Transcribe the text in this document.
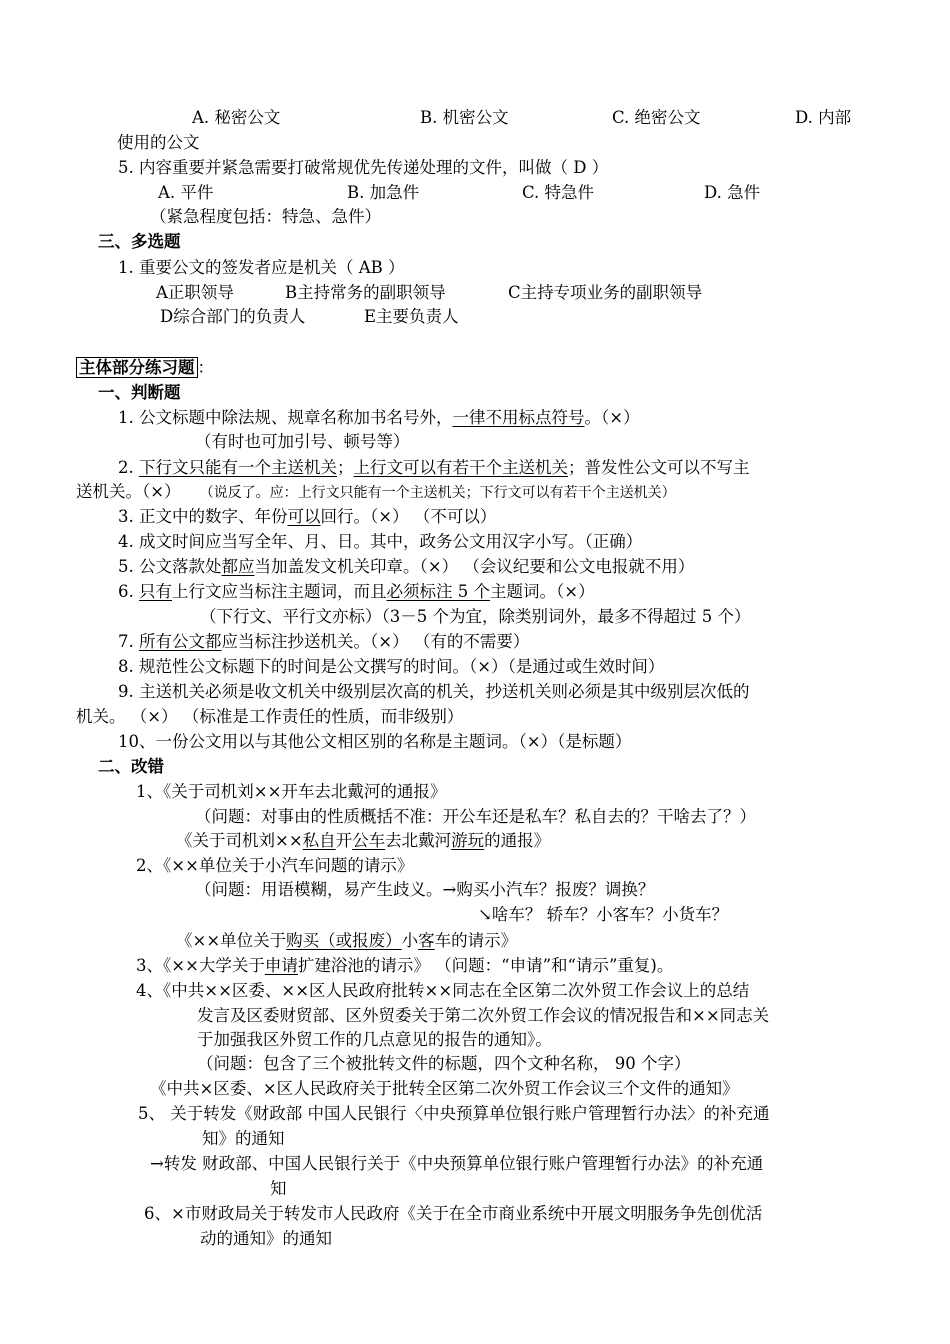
A. 秘密公文	B. 机密公文	C. 绝密公文	D. 内部
使用的公文
5. 内容重要并紧急需要打破常规优先传递处理的文件，叫做（ D ）
A. 平件	B. 加急件	C. 特急件	D. 急件
（紧急程度包括：特急、急件）
三、多选题
1. 重要公文的签发者应是机关（ AB ）
A正职领导	B主持常务的副职领导	C主持专项业务的副职领导
D综合部门的负责人	E主要负责人
主体部分练习题 ：
一、判断题
1. 公文标题中除法规、规章名称加书名号外，一律不用标点符号。（×）
（有时也可加引号、顿号等）
2. 下行文只能有一个主送机关；上行文可以有若干个主送机关；普发性公文可以不写主
送机关。（×） （说反了。应：上行文只能有一个主送机关；下行文可以有若干个主送机关）
3. 正文中的数字、年份可以回行。（×） （不可以）
4. 成文时间应当写全年、月、日。其中，政务公文用汉字小写。（正确）
5. 公文落款处都应当加盖发文机关印章。（×） （会议纪要和公文电报就不用）
6. 只有上行文应当标注主题词，而且必须标注 5 个主题词。（×）
（下行文、平行文亦标）（3－5 个为宜，除类别词外，最多不得超过 5 个）
7. 所有公文都应当标注抄送机关。（×） （有的不需要）
8. 规范性公文标题下的时间是公文撰写的时间。（×）（是通过或生效时间）
9. 主送机关必须是收文机关中级别层次高的机关，抄送机关则必须是其中级别层次低的
机关。 （×） （标准是工作责任的性质，而非级别）
10、一份公文用以与其他公文相区别的名称是主题词。（×）（是标题）
二、改错
1、《关于司机刘××开车去北戴河的通报》
（问题：对事由的性质概括不准：开公车还是私车？私自去的？干啥去了？）
《关于司机刘××私自开公车去北戴河游玩的通报》
2、《××单位关于小汽车问题的请示》
（问题：用语模糊，易产生歧义。→购买小汽车？报废？调换？
↘啥车？ 轿车？小客车？小货车？
《××单位关于购买（或报废）小客车的请示》
3、《××大学关于申请扩建浴池的请示》 （问题：“申请”和“请示”重复)。
4、《中共××区委、××区人民政府批转××同志在全区第二次外贸工作会议上的总结
发言及区委财贸部、区外贸委关于第二次外贸工作会议的情况报告和××同志关
于加强我区外贸工作的几点意见的报告的通知》。
（问题：包含了三个被批转文件的标题，四个文种名称， 90 个字）
《中共×区委、×区人民政府关于批转全区第二次外贸工作会议三个文件的通知》
5、 关于转发《财政部 中国人民银行〈中央预算单位银行账户管理暂行办法〉的补充通
知》的通知
→转发 财政部、中国人民银行关于《中央预算单位银行账户管理暂行办法》的补充通
知
6、×市财政局关于转发市人民政府《关于在全市商业系统中开展文明服务争先创优活
动的通知》的通知
